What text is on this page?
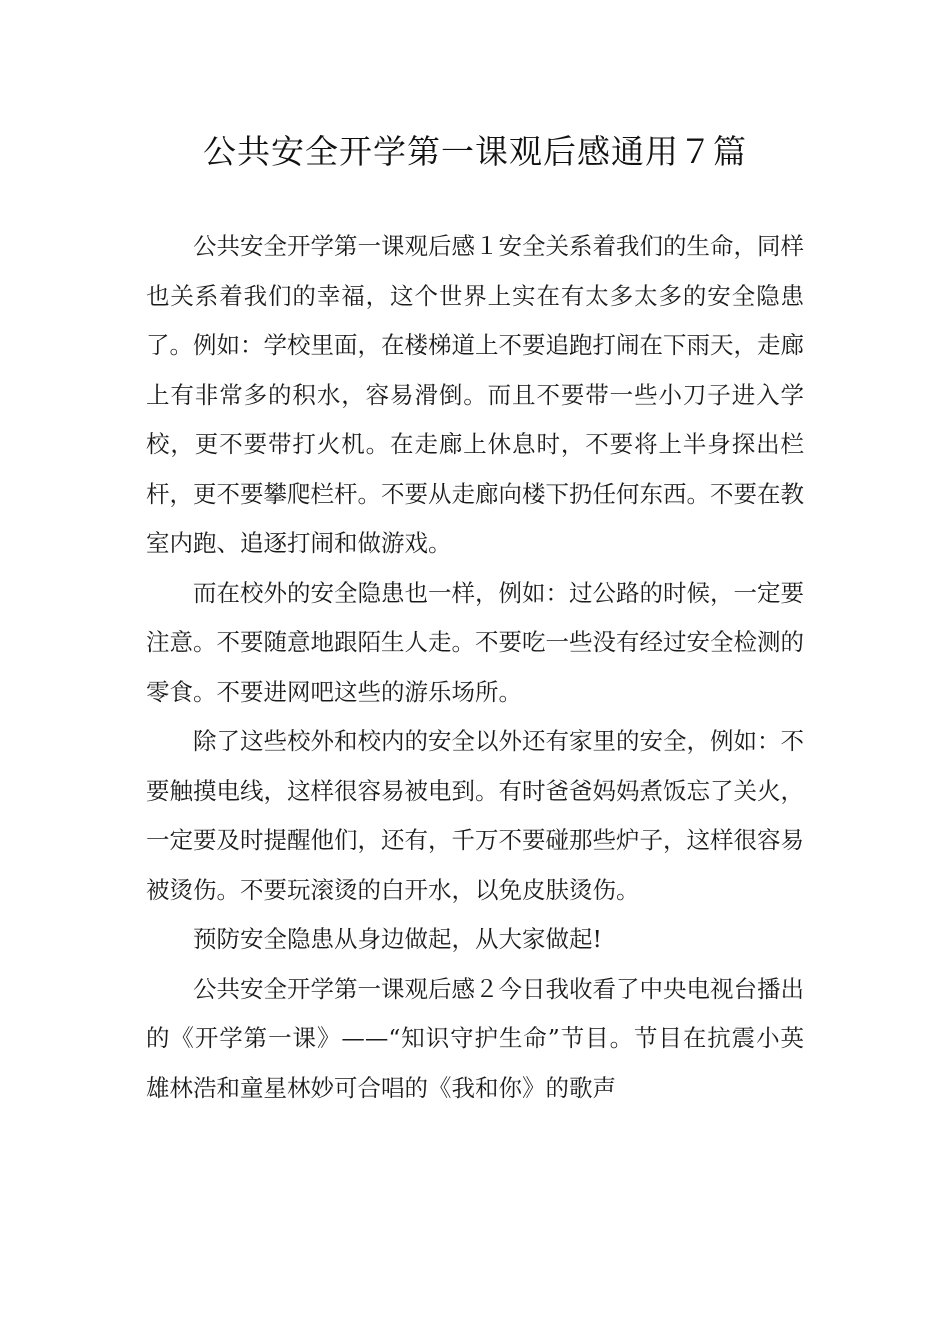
公共安全开学第一课观后感通用７篇

公共安全开学第一课观后感１安全关系着我们的生命，同样也关系着我们的幸福，这个世界上实在有太多太多的安全隐患了。例如：学校里面，在楼梯道上不要追跑打闹在下雨天，走廊上有非常多的积水，容易滑倒。而且不要带一些小刀子进入学校，更不要带打火机。在走廊上休息时，不要将上半身探出栏杆，更不要攀爬栏杆。不要从走廊向楼下扔任何东西。不要在教室内跑、追逐打闹和做游戏。

而在校外的安全隐患也一样，例如：过公路的时候，一定要注意。不要随意地跟陌生人走。不要吃一些没有经过安全检测的零食。不要进网吧这些的游乐场所。

除了这些校外和校内的安全以外还有家里的安全，例如：不要触摸电线，这样很容易被电到。有时爸爸妈妈煮饭忘了关火，一定要及时提醒他们，还有，千万不要碰那些炉子，这样很容易被烫伤。不要玩滚烫的白开水，以免皮肤烫伤。

预防安全隐患从身边做起，从大家做起!

公共安全开学第一课观后感２今日我收看了中央电视台播出的《开学第一课》——“知识守护生命”节目。节目在抗震小英雄林浩和童星林妙可合唱的《我和你》的歌声
